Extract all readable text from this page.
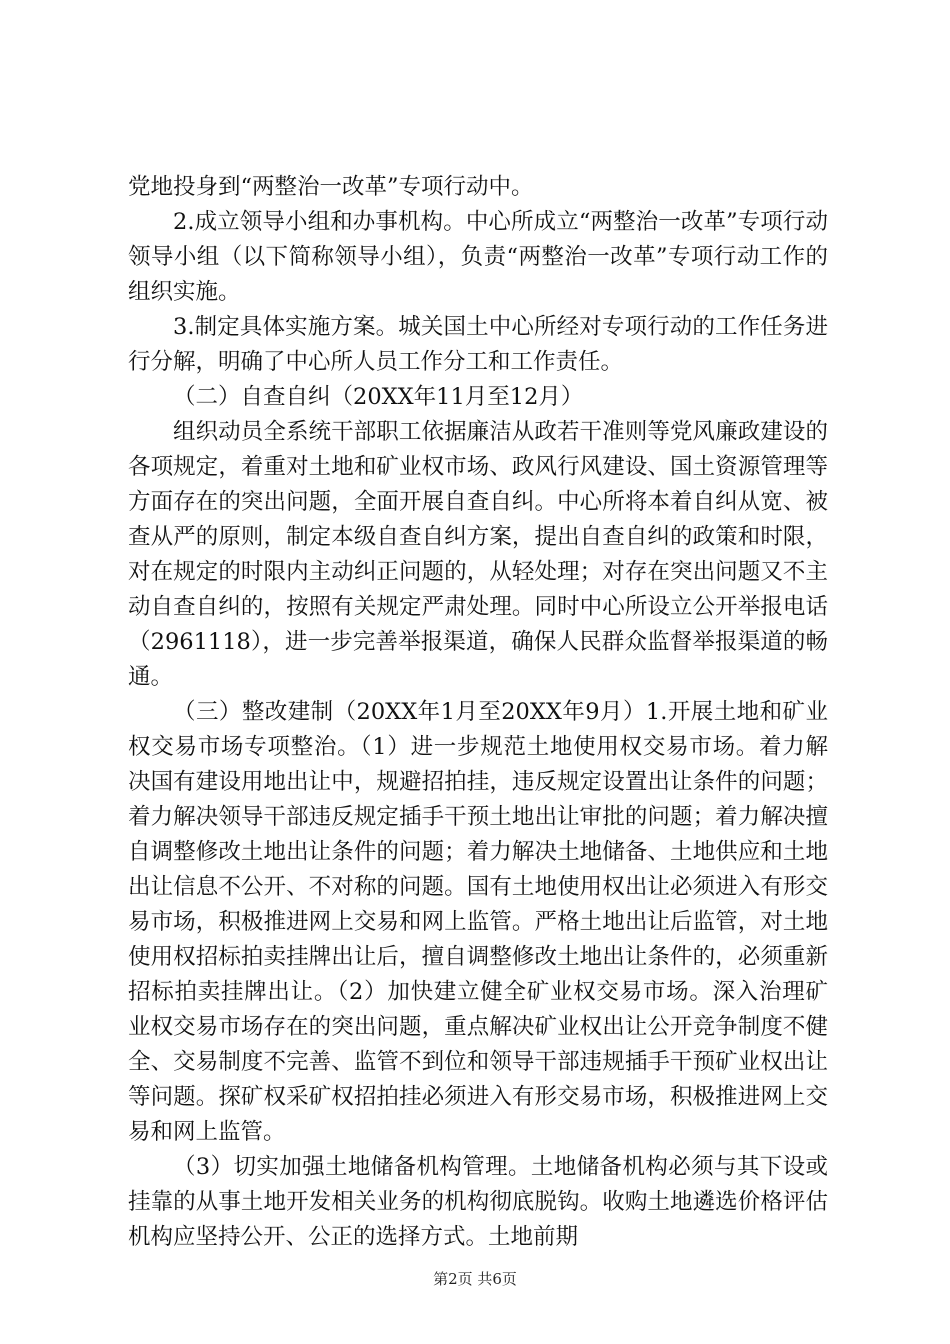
党地投身到“两整治一改革”专项行动中。

2.成立领导小组和办事机构。中心所成立“两整治一改革”专项行动领导小组（以下简称领导小组），负责“两整治一改革”专项行动工作的组织实施。

3.制定具体实施方案。城关国土中心所经对专项行动的工作任务进行分解，明确了中心所人员工作分工和工作责任。

（二）自查自纠（20XX年11月至12月）

组织动员全系统干部职工依据廉洁从政若干准则等党风廉政建设的各项规定，着重对土地和矿业权市场、政风行风建设、国土资源管理等方面存在的突出问题，全面开展自查自纠。中心所将本着自纠从宽、被查从严的原则，制定本级自查自纠方案，提出自查自纠的政策和时限，对在规定的时限内主动纠正问题的，从轻处理；对存在突出问题又不主动自查自纠的，按照有关规定严肃处理。同时中心所设立公开举报电话（2961118），进一步完善举报渠道，确保人民群众监督举报渠道的畅通。

（三）整改建制（20XX年1月至20XX年9月）1.开展土地和矿业权交易市场专项整治。（1）进一步规范土地使用权交易市场。着力解决国有建设用地出让中，规避招拍挂，违反规定设置出让条件的问题；着力解决领导干部违反规定插手干预土地出让审批的问题；着力解决擅自调整修改土地出让条件的问题；着力解决土地储备、土地供应和土地出让信息不公开、不对称的问题。国有土地使用权出让必须进入有形交易市场，积极推进网上交易和网上监管。严格土地出让后监管，对土地使用权招标拍卖挂牌出让后，擅自调整修改土地出让条件的，必须重新招标拍卖挂牌出让。（2）加快建立健全矿业权交易市场。深入治理矿业权交易市场存在的突出问题，重点解决矿业权出让公开竞争制度不健全、交易制度不完善、监管不到位和领导干部违规插手干预矿业权出让等问题。探矿权采矿权招拍挂必须进入有形交易市场，积极推进网上交易和网上监管。

（3）切实加强土地储备机构管理。土地储备机构必须与其下设或挂靠的从事土地开发相关业务的机构彻底脱钩。收购土地遴选价格评估机构应坚持公开、公正的选择方式。土地前期

第2页 共6页
